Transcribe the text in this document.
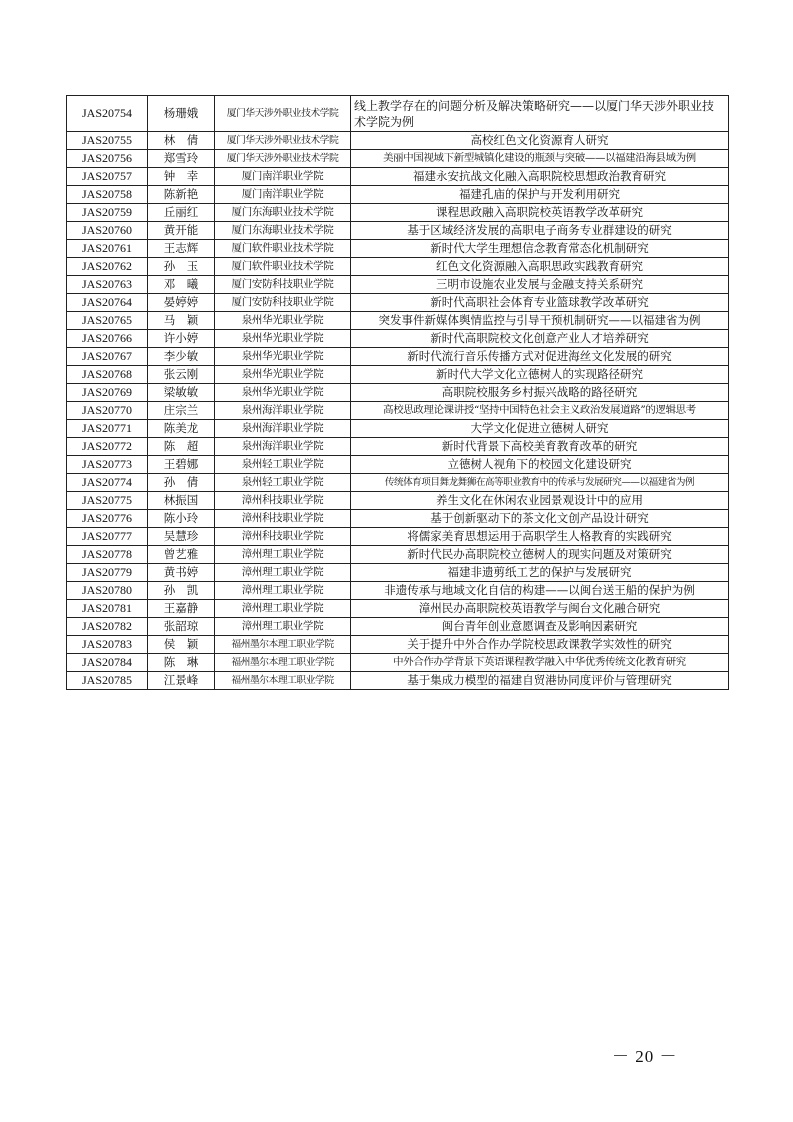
JAS20754	杨珊娥	厦门华天涉外职业技术学院	线上教学存在的问题分析及解决策略研究——以厦门华天涉外职业技术学院为例
JAS20755	林　倩	厦门华天涉外职业技术学院	高校红色文化资源育人研究
JAS20756	郑雪玲	厦门华天涉外职业技术学院	美丽中国视域下新型城镇化建设的瓶颈与突破——以福建沿海县域为例
JAS20757	钟　幸	厦门南洋职业学院	福建永安抗战文化融入高职院校思想政治教育研究
JAS20758	陈新艳	厦门南洋职业学院	福建孔庙的保护与开发利用研究
JAS20759	丘丽红	厦门东海职业技术学院	课程思政融入高职院校英语教学改革研究
JAS20760	黄开能	厦门东海职业技术学院	基于区域经济发展的高职电子商务专业群建设的研究
JAS20761	王志辉	厦门软件职业技术学院	新时代大学生理想信念教育常态化机制研究
JAS20762	孙　玉	厦门软件职业技术学院	红色文化资源融入高职思政实践教育研究
JAS20763	邓　曦	厦门安防科技职业学院	三明市设施农业发展与金融支持关系研究
JAS20764	晏婷婷	厦门安防科技职业学院	新时代高职社会体育专业篮球教学改革研究
JAS20765	马　颖	泉州华光职业学院	突发事件新媒体舆情监控与引导干预机制研究——以福建省为例
JAS20766	许小婷	泉州华光职业学院	新时代高职院校文化创意产业人才培养研究
JAS20767	李少敏	泉州华光职业学院	新时代流行音乐传播方式对促进海丝文化发展的研究
JAS20768	张云刚	泉州华光职业学院	新时代大学文化立德树人的实现路径研究
JAS20769	梁敏敏	泉州华光职业学院	高职院校服务乡村振兴战略的路径研究
JAS20770	庄宗兰	泉州海洋职业学院	高校思政理论课讲授“坚持中国特色社会主义政治发展道路”的逻辑思考
JAS20771	陈美龙	泉州海洋职业学院	大学文化促进立德树人研究
JAS20772	陈　超	泉州海洋职业学院	新时代背景下高校美育教育改革的研究
JAS20773	王碧娜	泉州轻工职业学院	立德树人视角下的校园文化建设研究
JAS20774	孙　倩	泉州轻工职业学院	传统体育项目舞龙舞狮在高等职业教育中的传承与发展研究——以福建省为例
JAS20775	林振国	漳州科技职业学院	养生文化在休闲农业园景观设计中的应用
JAS20776	陈小玲	漳州科技职业学院	基于创新驱动下的茶文化文创产品设计研究
JAS20777	吴慧珍	漳州科技职业学院	将儒家美育思想运用于高职学生人格教育的实践研究
JAS20778	曾艺雅	漳州理工职业学院	新时代民办高职院校立德树人的现实问题及对策研究
JAS20779	黄书婷	漳州理工职业学院	福建非遗剪纸工艺的保护与发展研究
JAS20780	孙　凯	漳州理工职业学院	非遗传承与地域文化自信的构建——以闽台送王船的保护为例
JAS20781	王嘉静	漳州理工职业学院	漳州民办高职院校英语教学与闽台文化融合研究
JAS20782	张韶琼	漳州理工职业学院	闽台青年创业意愿调查及影响因素研究
JAS20783	侯　颖	福州墨尔本理工职业学院	关于提升中外合作办学院校思政课教学实效性的研究
JAS20784	陈　琳	福州墨尔本理工职业学院	中外合作办学背景下英语课程教学融入中华优秀传统文化教育研究
JAS20785	江景峰	福州墨尔本理工职业学院	基于集成力模型的福建自贸港协同度评价与管理研究
－ 20 －
